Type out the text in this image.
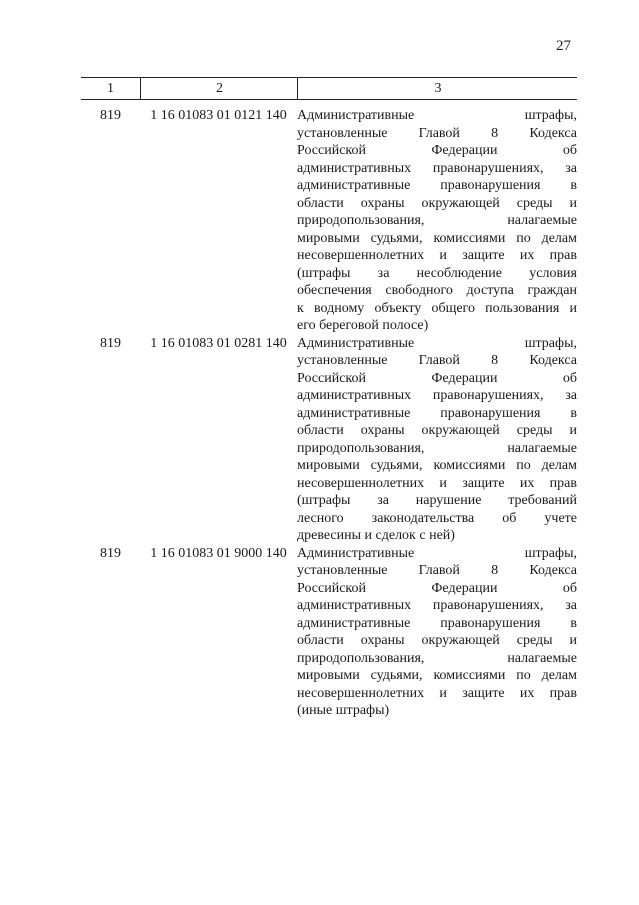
27
1	2	3
819	1 16 01083 01 0121 140 Административные штрафы,
установленные Главой 8 Кодекса
Российской Федерации об
административных правонарушениях, за
административные правонарушения в
области охраны окружающей среды и
природопользования, налагаемые
мировыми судьями, комиссиями по делам
несовершеннолетних и защите их прав
(штрафы за несоблюдение условия
обеспечения свободного доступа граждан
к водному объекту общего пользования и
его береговой полосе)
819	1 16 01083 01 0281 140 Административные штрафы,
установленные Главой 8 Кодекса
Российской Федерации об
административных правонарушениях, за
административные правонарушения в
области охраны окружающей среды и
природопользования, налагаемые
мировыми судьями, комиссиями по делам
несовершеннолетних и защите их прав
(штрафы за нарушение требований
лесного законодательства об учете
древесины и сделок с ней)
819	1 16 01083 01 9000 140 Административные штрафы,
установленные Главой 8 Кодекса
Российской Федерации об
административных правонарушениях, за
административные правонарушения в
области охраны окружающей среды и
природопользования, налагаемые
мировыми судьями, комиссиями по делам
несовершеннолетних и защите их прав
(иные штрафы)
